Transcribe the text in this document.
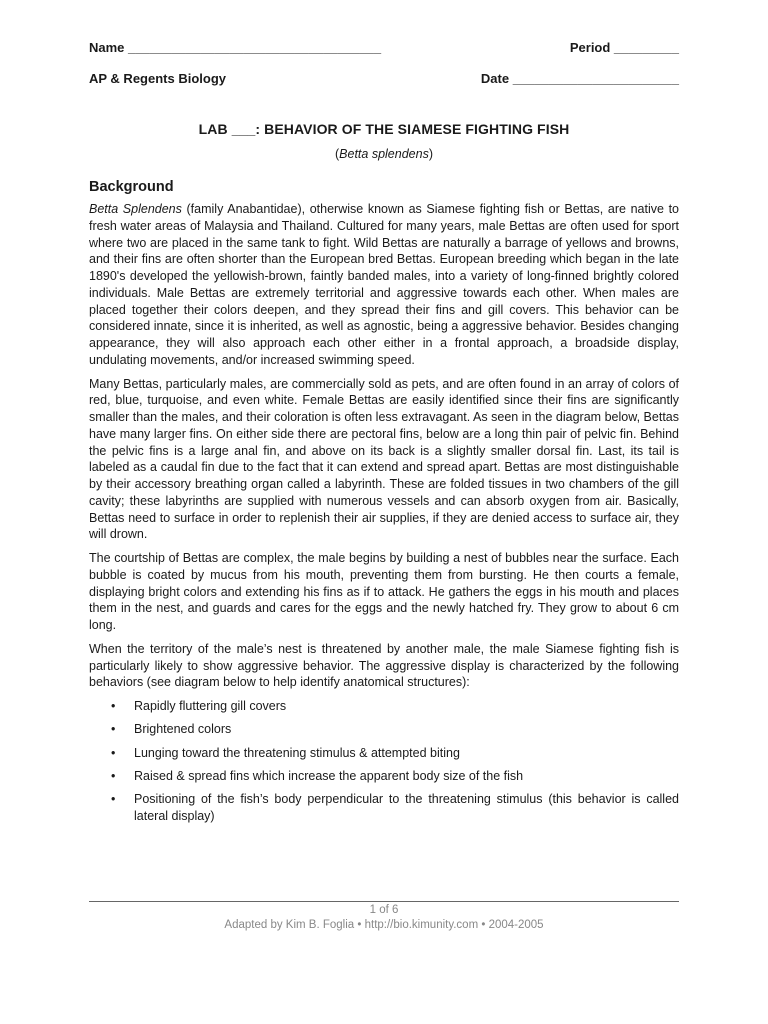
Name ___________________________________	Period _________
AP & Regents Biology	Date _______________________
LAB ___: BEHAVIOR OF THE SIAMESE FIGHTING FISH
(Betta splendens)
Background

Betta Splendens (family Anabantidae), otherwise known as Siamese fighting fish or Bettas, are native to fresh water areas of Malaysia and Thailand. Cultured for many years, male Bettas are often used for sport where two are placed in the same tank to fight. Wild Bettas are naturally a barrage of yellows and browns, and their fins are often shorter than the European bred Bettas. European breeding which began in the late 1890's developed the yellowish-brown, faintly banded males, into a variety of long-finned brightly colored individuals. Male Bettas are extremely territorial and aggressive towards each other. When males are placed together their colors deepen, and they spread their fins and gill covers. This behavior can be considered innate, since it is inherited, as well as agnostic, being a aggressive behavior. Besides changing appearance, they will also approach each other either in a frontal approach, a broadside display, undulating movements, and/or increased swimming speed.

Many Bettas, particularly males, are commercially sold as pets, and are often found in an array of colors of red, blue, turquoise, and even white. Female Bettas are easily identified since their fins are significantly smaller than the males, and their coloration is often less extravagant. As seen in the diagram below, Bettas have many larger fins. On either side there are pectoral fins, below are a long thin pair of pelvic fin. Behind the pelvic fins is a large anal fin, and above on its back is a slightly smaller dorsal fin. Last, its tail is labeled as a caudal fin due to the fact that it can extend and spread apart. Bettas are most distinguishable by their accessory breathing organ called a labyrinth. These are folded tissues in two chambers of the gill cavity; these labyrinths are supplied with numerous vessels and can absorb oxygen from air. Basically, Bettas need to surface in order to replenish their air supplies, if they are denied access to surface air, they will drown.

The courtship of Bettas are complex, the male begins by building a nest of bubbles near the surface. Each bubble is coated by mucus from his mouth, preventing them from bursting. He then courts a female, displaying bright colors and extending his fins as if to attack. He gathers the eggs in his mouth and places them in the nest, and guards and cares for the eggs and the newly hatched fry. They grow to about 6 cm long.

When the territory of the male’s nest is threatened by another male, the male Siamese fighting fish is particularly likely to show aggressive behavior. The aggressive display is characterized by the following behaviors (see diagram below to help identify anatomical structures):

• Rapidly fluttering gill covers
• Brightened colors
• Lunging toward the threatening stimulus & attempted biting
• Raised & spread fins which increase the apparent body size of the fish
• Positioning of the fish’s body perpendicular to the threatening stimulus (this behavior is called lateral display)
1 of 6
Adapted by Kim B. Foglia • http://bio.kimunity.com • 2004-2005
